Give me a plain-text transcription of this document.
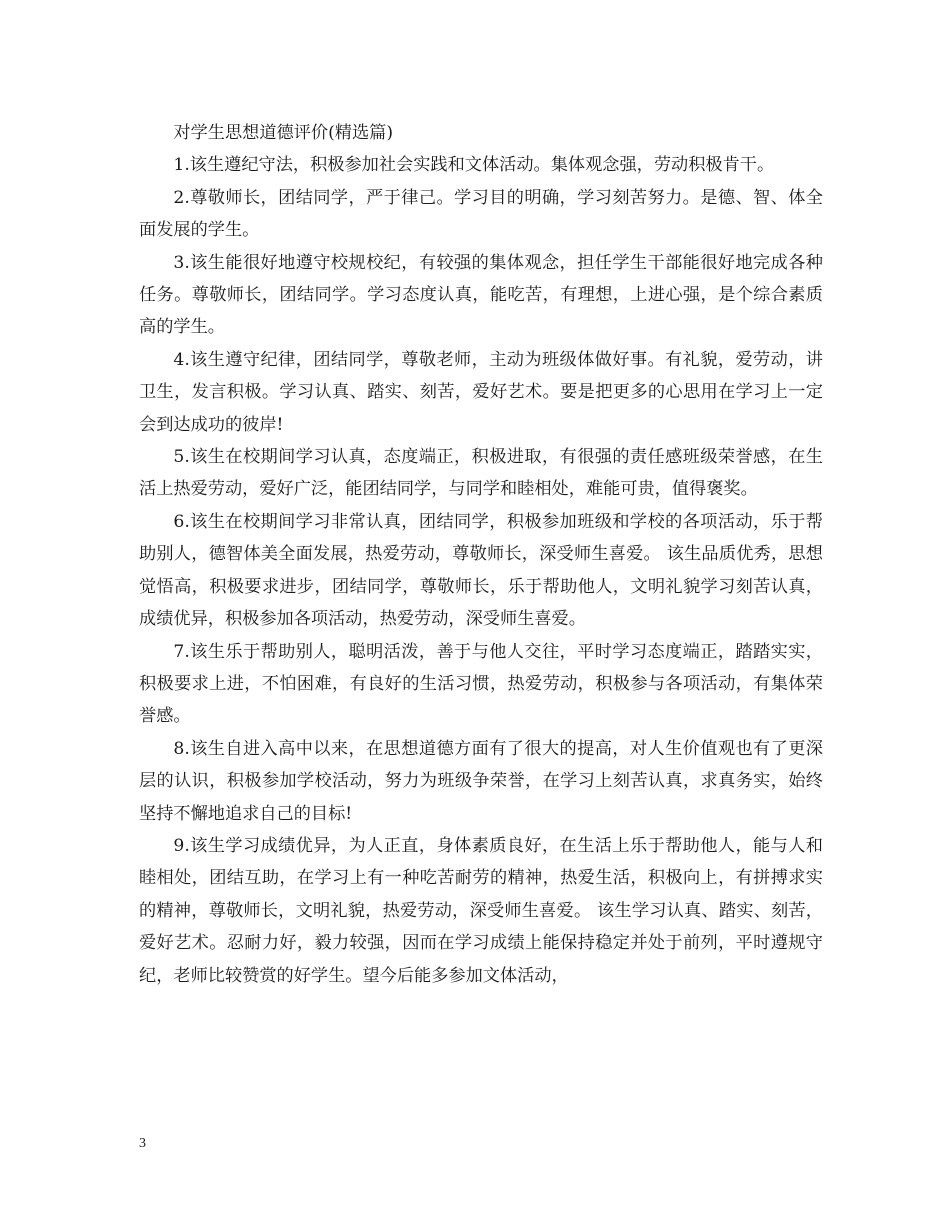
对学生思想道德评价(精选篇)

1.该生遵纪守法，积极参加社会实践和文体活动。集体观念强，劳动积极肯干。

2.尊敬师长，团结同学，严于律己。学习目的明确，学习刻苦努力。是德、智、体全面发展的学生。

3.该生能很好地遵守校规校纪，有较强的集体观念，担任学生干部能很好地完成各种任务。尊敬师长，团结同学。学习态度认真，能吃苦，有理想，上进心强，是个综合素质高的学生。

4.该生遵守纪律，团结同学，尊敬老师，主动为班级体做好事。有礼貌，爱劳动，讲卫生，发言积极。学习认真、踏实、刻苦，爱好艺术。要是把更多的心思用在学习上一定会到达成功的彼岸!

5.该生在校期间学习认真，态度端正，积极进取，有很强的责任感班级荣誉感，在生活上热爱劳动，爱好广泛，能团结同学，与同学和睦相处，难能可贵，值得褒奖。

6.该生在校期间学习非常认真，团结同学，积极参加班级和学校的各项活动，乐于帮助别人，德智体美全面发展，热爱劳动，尊敬师长，深受师生喜爱。 该生品质优秀，思想觉悟高，积极要求进步，团结同学，尊敬师长，乐于帮助他人，文明礼貌学习刻苦认真，成绩优异，积极参加各项活动，热爱劳动，深受师生喜爱。

7.该生乐于帮助别人，聪明活泼，善于与他人交往，平时学习态度端正，踏踏实实，积极要求上进，不怕困难，有良好的生活习惯，热爱劳动，积极参与各项活动，有集体荣誉感。

8.该生自进入高中以来，在思想道德方面有了很大的提高，对人生价值观也有了更深层的认识，积极参加学校活动，努力为班级争荣誉，在学习上刻苦认真，求真务实，始终坚持不懈地追求自己的目标!

9.该生学习成绩优异，为人正直，身体素质良好，在生活上乐于帮助他人，能与人和睦相处，团结互助，在学习上有一种吃苦耐劳的精神，热爱生活，积极向上，有拼搏求实的精神，尊敬师长，文明礼貌，热爱劳动，深受师生喜爱。 该生学习认真、踏实、刻苦，爱好艺术。忍耐力好，毅力较强，因而在学习成绩上能保持稳定并处于前列，平时遵规守纪，老师比较赞赏的好学生。望今后能多参加文体活动，

3
